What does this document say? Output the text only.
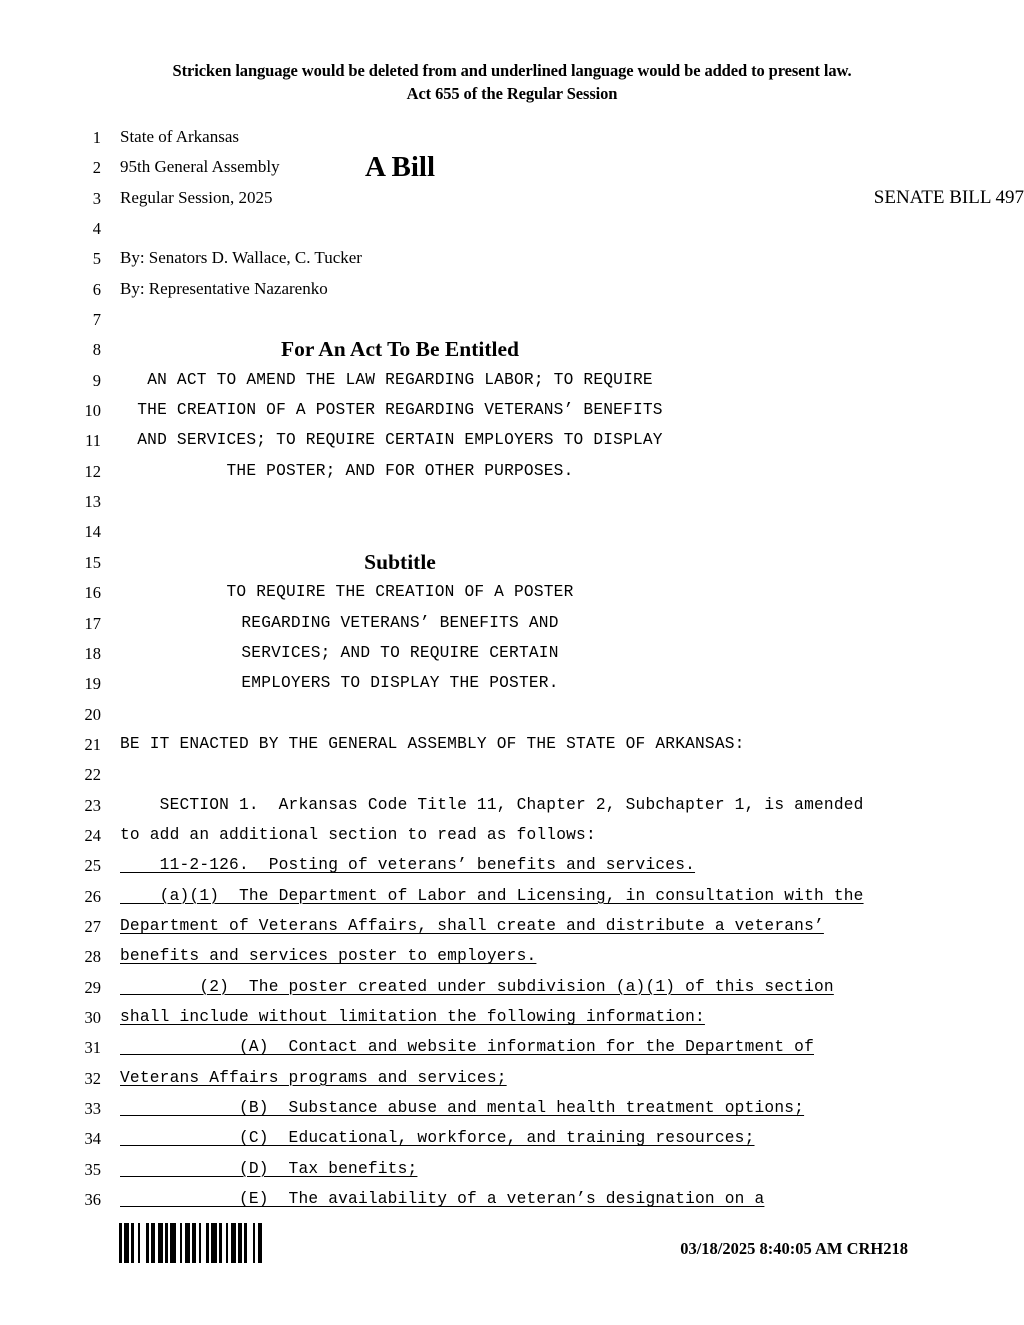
Stricken language would be deleted from and underlined language would be added to present law.
Act 655 of the Regular Session
1 State of Arkansas
2 95th General Assembly	A Bill
3 Regular Session, 2025	SENATE BILL 497
4
5 By: Senators D. Wallace, C. Tucker
6 By: Representative Nazarenko
7
8	For An Act To Be Entitled
9	AN ACT TO AMEND THE LAW REGARDING LABOR; TO REQUIRE
10	THE CREATION OF A POSTER REGARDING VETERANS’ BENEFITS
11	AND SERVICES; TO REQUIRE CERTAIN EMPLOYERS TO DISPLAY
12	THE POSTER; AND FOR OTHER PURPOSES.
13
14
15	Subtitle
16	TO REQUIRE THE CREATION OF A POSTER
17	REGARDING VETERANS’ BENEFITS AND
18	SERVICES; AND TO REQUIRE CERTAIN
19	EMPLOYERS TO DISPLAY THE POSTER.
20
21 BE IT ENACTED BY THE GENERAL ASSEMBLY OF THE STATE OF ARKANSAS:
22
23 SECTION 1.  Arkansas Code Title 11, Chapter 2, Subchapter 1, is amended
24 to add an additional section to read as follows:
25 11-2-126.  Posting of veterans’ benefits and services.
26 (a)(1)  The Department of Labor and Licensing, in consultation with the
27 Department of Veterans Affairs, shall create and distribute a veterans’
28 benefits and services poster to employers.
29 (2)  The poster created under subdivision (a)(1) of this section
30 shall include without limitation the following information:
31 (A)  Contact and website information for the Department of
32 Veterans Affairs programs and services;
33 (B)  Substance abuse and mental health treatment options;
34 (C)  Educational, workforce, and training resources;
35 (D)  Tax benefits;
36 (E)  The availability of a veteran’s designation on a
03/18/2025 8:40:05 AM CRH218
